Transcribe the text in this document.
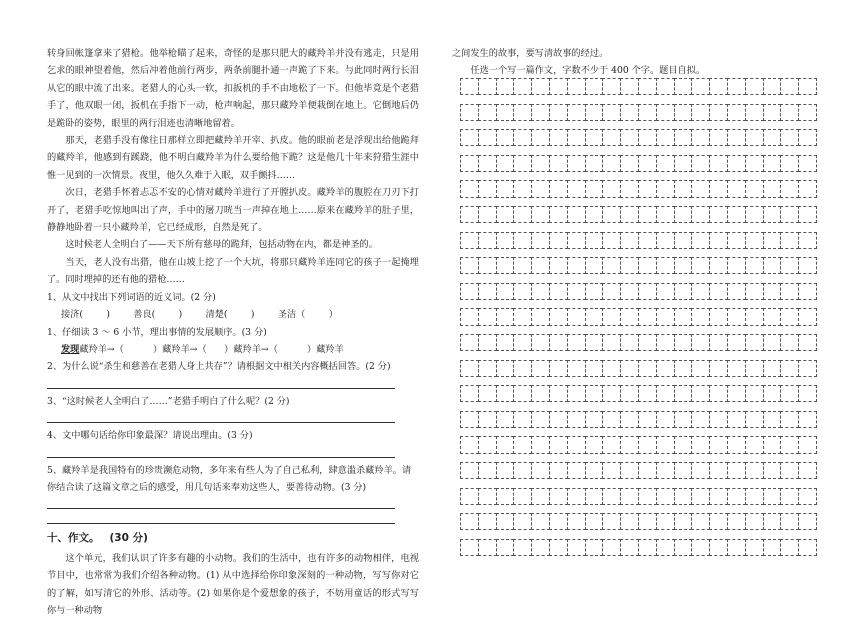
转身回帐篷拿来了猎枪。他举枪瞄了起来，奇怪的是那只肥大的藏羚羊并没有逃走，只是用乞求的眼神望着他，然后冲着他前行两步，两条前腿扑通一声跪了下来。与此同时两行长泪从它的眼中流了出来。老猎人的心头一软，扣扳机的手不由地松了一下。但他毕竟是个老猎手了，他双眼一闭，扳机在手指下一动，枪声响起，那只藏羚羊便栽倒在地上。它倒地后仍是跪卧的姿势，眼里的两行泪迹也清晰地留着。

那天，老猎手没有像往日那样立即把藏羚羊开宰、扒皮。他的眼前老是浮现出给他跪拜的藏羚羊，他感到有蹊跷，他不明白藏羚羊为什么要给他下跪？这是他几十年来狩猎生涯中惟一见到的一次情景。夜里，他久久难于入眠，双手颤抖……

次日，老猎手怀着忐忑不安的心情对藏羚羊进行了开膛扒皮。藏羚羊的腹腔在刀刃下打开了，老猎手吃惊地叫出了声，手中的屠刀咣当一声掉在地上……原来在藏羚羊的肚子里，静静地卧着一只小藏羚羊，它已经成形，自然是死了。

这时候老人全明白了——天下所有慈母的跪拜，包括动物在内，都是神圣的。

当天，老人没有出猎，他在山坡上挖了一个大坑，将那只藏羚羊连同它的孩子一起掩埋了。同时埋掉的还有他的猎枪……

1、从文中找出下列词语的近义词。(2 分)

接济(        )        善良(        )        清楚(        )        圣洁（        ）

1、仔细读 3 ～ 6 小节，理出事情的发展顺序。(3 分)

发现藏羚羊→（          ）藏羚羊→（      ）藏羚羊→（          ）藏羚羊

2、为什么说“杀生和慈善在老猎人身上共存”？请根据文中相关内容概括回答。(2 分)

3、“这时候老人全明白了……”老猎手明白了什么呢？(2 分)

4、文中哪句话给你印象最深？请说出理由。(3 分)

5、藏羚羊是我国特有的珍贵濒危动物，多年来有些人为了自己私利，肆意滥杀藏羚羊。请你结合读了这篇文章之后的感受，用几句话来奉劝这些人，要善待动物。(3 分)

十、作文。 (30 分)

这个单元，我们认识了许多有趣的小动物。我们的生活中，也有许多的动物相伴，电视节目中，也常常为我们介绍各种动物。(1) 从中选择给你印象深刻的一种动物，写写你对它的了解，如写清它的外形、活动等。(2) 如果你是个爱想象的孩子，不妨用童话的形式写写你与一种动物

之间发生的故事，要写清故事的经过。

任选一个写一篇作文，字数不少于 400 个字。题目自拟。
